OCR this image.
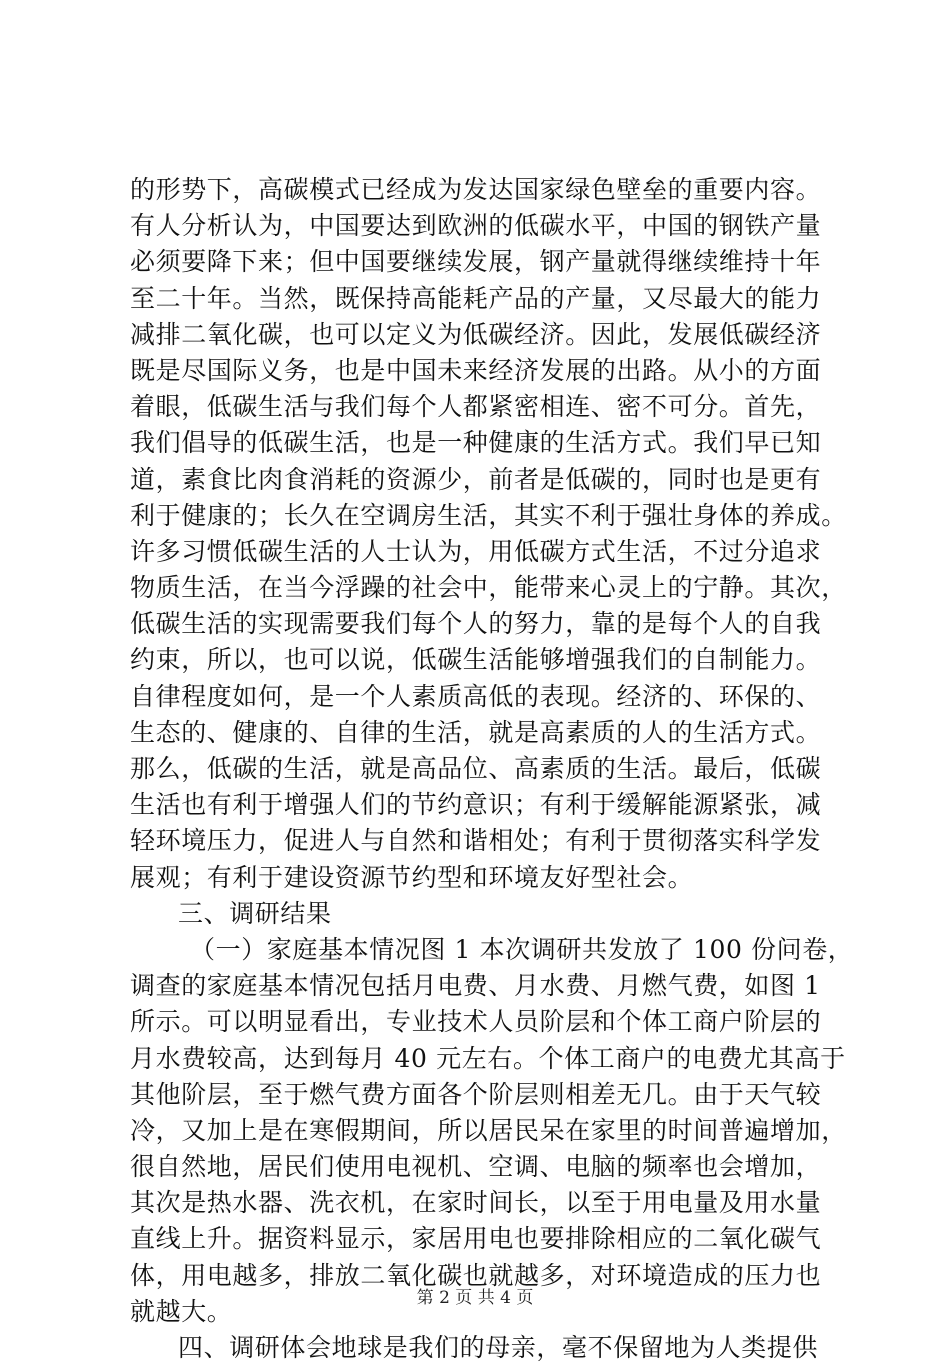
的形势下，高碳模式已经成为发达国家绿色壁垒的重要内容。
有人分析认为，中国要达到欧洲的低碳水平，中国的钢铁产量
必须要降下来；但中国要继续发展，钢产量就得继续维持十年
至二十年。当然，既保持高能耗产品的产量，又尽最大的能力
减排二氧化碳，也可以定义为低碳经济。因此，发展低碳经济
既是尽国际义务，也是中国未来经济发展的出路。从小的方面
着眼，低碳生活与我们每个人都紧密相连、密不可分。首先，
我们倡导的低碳生活，也是一种健康的生活方式。我们早已知
道，素食比肉食消耗的资源少，前者是低碳的，同时也是更有
利于健康的；长久在空调房生活，其实不利于强壮身体的养成。
许多习惯低碳生活的人士认为，用低碳方式生活，不过分追求
物质生活，在当今浮躁的社会中，能带来心灵上的宁静。其次，
低碳生活的实现需要我们每个人的努力，靠的是每个人的自我
约束，所以，也可以说，低碳生活能够增强我们的自制能力。
自律程度如何，是一个人素质高低的表现。经济的、环保的、
生态的、健康的、自律的生活，就是高素质的人的生活方式。
那么，低碳的生活，就是高品位、高素质的生活。最后，低碳
生活也有利于增强人们的节约意识；有利于缓解能源紧张，减
轻环境压力，促进人与自然和谐相处；有利于贯彻落实科学发
展观；有利于建设资源节约型和环境友好型社会。
三、调研结果
（一）家庭基本情况图 1 本次调研共发放了 100 份问卷，
调查的家庭基本情况包括月电费、月水费、月燃气费，如图 1
所示。可以明显看出，专业技术人员阶层和个体工商户阶层的
月水费较高，达到每月 40 元左右。个体工商户的电费尤其高于
其他阶层，至于燃气费方面各个阶层则相差无几。由于天气较
冷，又加上是在寒假期间，所以居民呆在家里的时间普遍增加，
很自然地，居民们使用电视机、空调、电脑的频率也会增加，
其次是热水器、洗衣机，在家时间长，以至于用电量及用水量
直线上升。据资料显示，家居用电也要排除相应的二氧化碳气
体，用电越多，排放二氧化碳也就越多，对环境造成的压力也
就越大。
四、调研体会地球是我们的母亲，毫不保留地为人类提供
第 2 页 共 4 页
